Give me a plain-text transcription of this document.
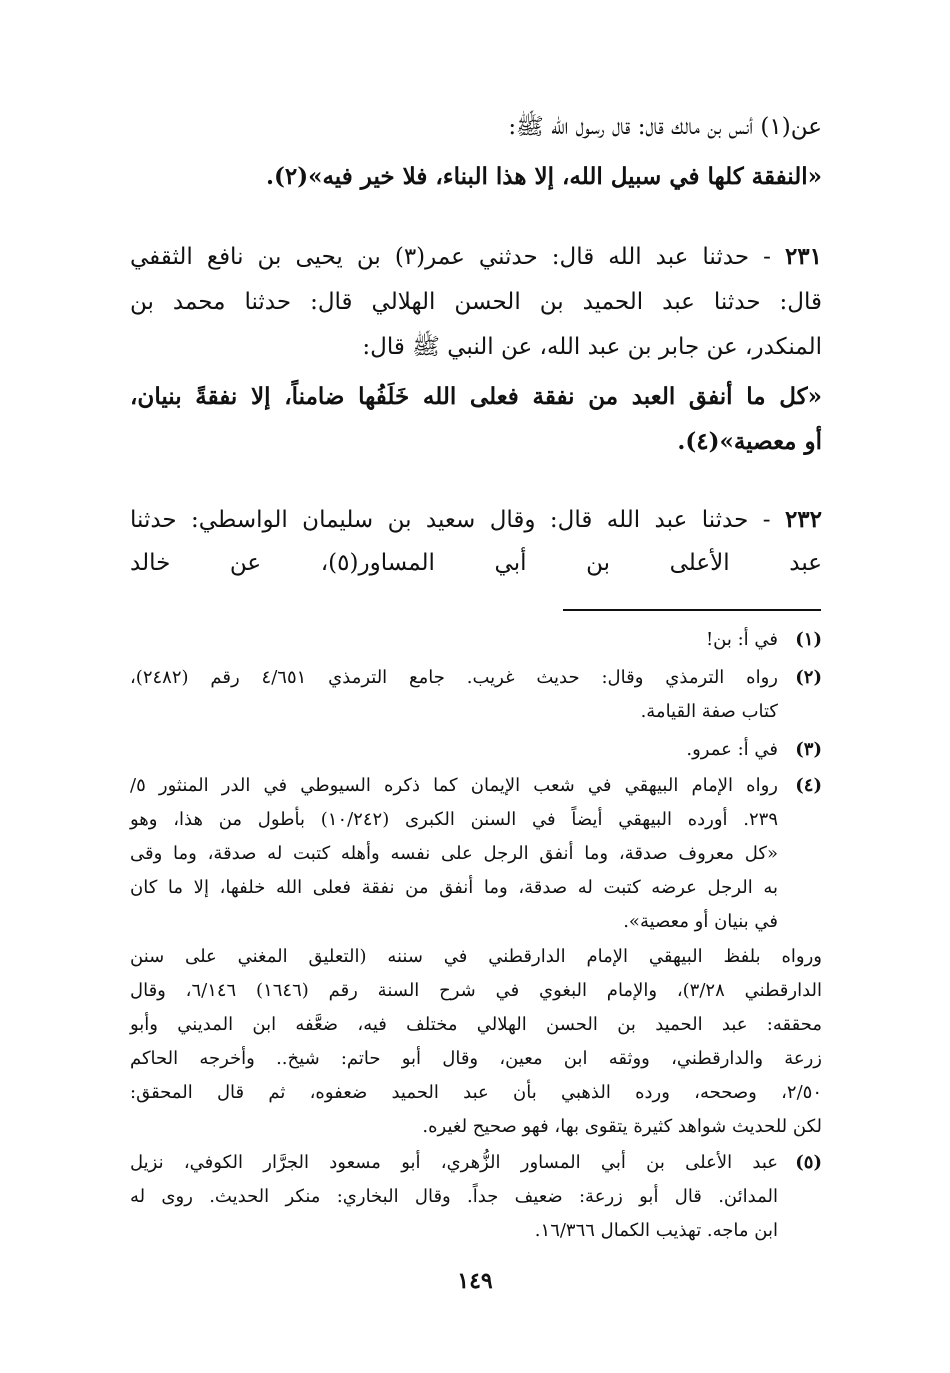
عن(١) أنس بن مالك قال: قال رسول الله ﷺ:
«النفقة كلها في سبيل الله، إلا هذا البناء، فلا خير فيه»(٢).
٢٣١ - حدثنا عبد الله قال: حدثني عمر(٣) بن يحيى بن نافع الثقفي
قال: حدثنا عبد الحميد بن الحسن الهلالي قال: حدثنا محمد بن
المنكدر، عن جابر بن عبد الله، عن النبي ﷺ قال:
«كل ما أنفق العبد من نفقة فعلى الله خَلَفُها ضامناً، إلا نفقةً بنيان،
أو معصية»(٤).
٢٣٢ - حدثنا عبد الله قال: وقال سعيد بن سليمان الواسطي: حدثنا
عبد الأعلى بن أبي المساور(٥)، عن خالد
(١)
في أ: بن!
(٢)
رواه الترمذي وقال: حديث غريب. جامع الترمذي ٤/٦٥١ رقم (٢٤٨٢)،
كتاب صفة القيامة.
(٣)
في أ: عمرو.
(٤)
رواه الإمام البيهقي في شعب الإيمان كما ذكره السيوطي في الدر المنثور ٥/
٢٣٩. أورده البيهقي أيضاً في السنن الكبرى (١٠/٢٤٢) بأطول من هذا، وهو
«كل معروف صدقة، وما أنفق الرجل على نفسه وأهله كتبت له صدقة، وما وقى
به الرجل عرضه كتبت له صدقة، وما أنفق من نفقة فعلى الله خلفها، إلا ما كان
في بنيان أو معصية».
ورواه بلفظ البيهقي الإمام الدارقطني في سننه (التعليق المغني على سنن
الدارقطني ٣/٢٨)، والإمام البغوي في شرح السنة رقم (١٦٤٦) ٦/١٤٦، وقال
محققه: عبد الحميد بن الحسن الهلالي مختلف فيه، ضعَّفه ابن المديني وأبو
زرعة والدارقطني، ووثقه ابن معين، وقال أبو حاتم: شيخ.. وأخرجه الحاكم
٢/٥٠، وصححه، ورده الذهبي بأن عبد الحميد ضعفوه، ثم قال المحقق:
لكن للحديث شواهد كثيرة يتقوى بها، فهو صحيح لغيره.
(٥)
عبد الأعلى بن أبي المساور الزُّهري، أبو مسعود الجرَّار الكوفي، نزيل
المدائن. قال أبو زرعة: ضعيف جداً. وقال البخاري: منكر الحديث. روى له
ابن ماجه. تهذيب الكمال ١٦/٣٦٦.
١٤٩
